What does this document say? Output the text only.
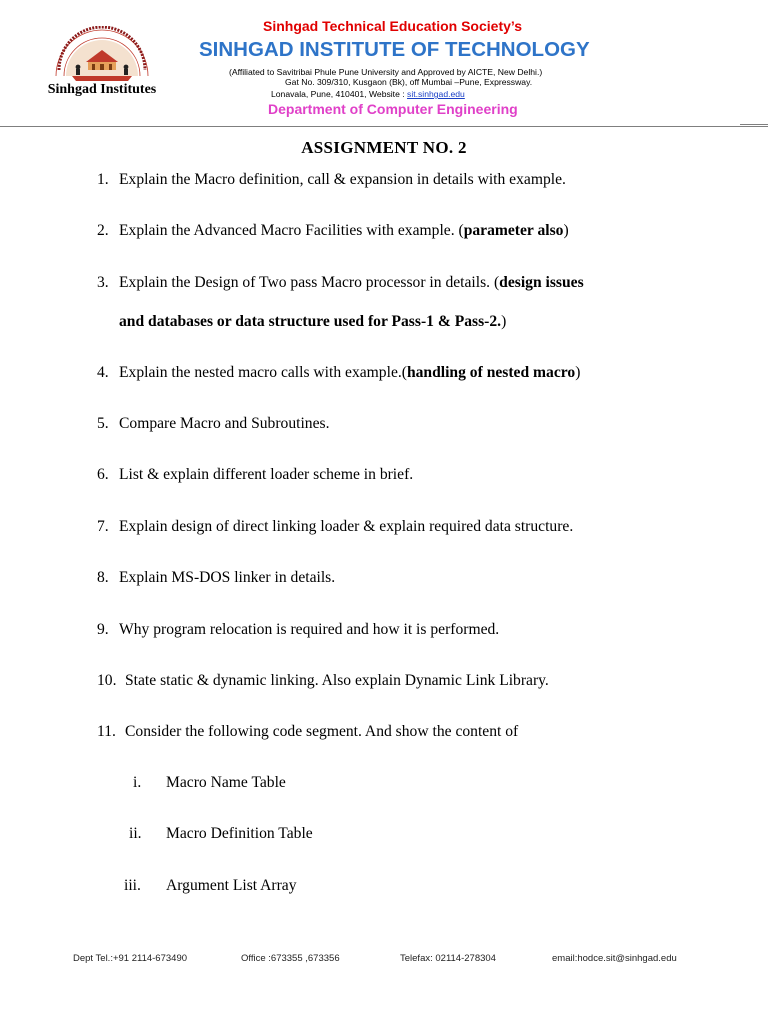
Sinhgad Institutes
Sinhgad Technical Education Society’s
SINHGAD INSTITUTE OF TECHNOLOGY
(Affiliated to Savitribai Phule Pune University and Approved by AICTE, New Delhi.)
Gat No. 309/310, Kusgaon (Bk), off Mumbai –Pune, Expressway.
Lonavala, Pune, 410401, Website : sit.sinhgad.edu
Department of Computer Engineering
ASSIGNMENT NO. 2
1. Explain the Macro definition, call & expansion in details with example.
2. Explain the Advanced Macro Facilities with example. (parameter also)
3. Explain the Design of Two pass Macro processor in details. (design issues
and databases or data structure used for Pass-1 & Pass-2.)
4. Explain the nested macro calls with example.(handling of nested macro)
5. Compare Macro and Subroutines.
6. List & explain different loader scheme in brief.
7. Explain design of direct linking loader & explain required data structure.
8. Explain MS-DOS linker in details.
9. Why program relocation is required and how it is performed.
10. State static & dynamic linking. Also explain Dynamic Link Library.
11. Consider the following code segment. And show the content of
i. Macro Name Table
ii. Macro Definition Table
iii. Argument List Array
Dept Tel.:+91 2114-673490	Office :673355 ,673356	Telefax: 02114-278304	email:hodce.sit@sinhgad.edu
